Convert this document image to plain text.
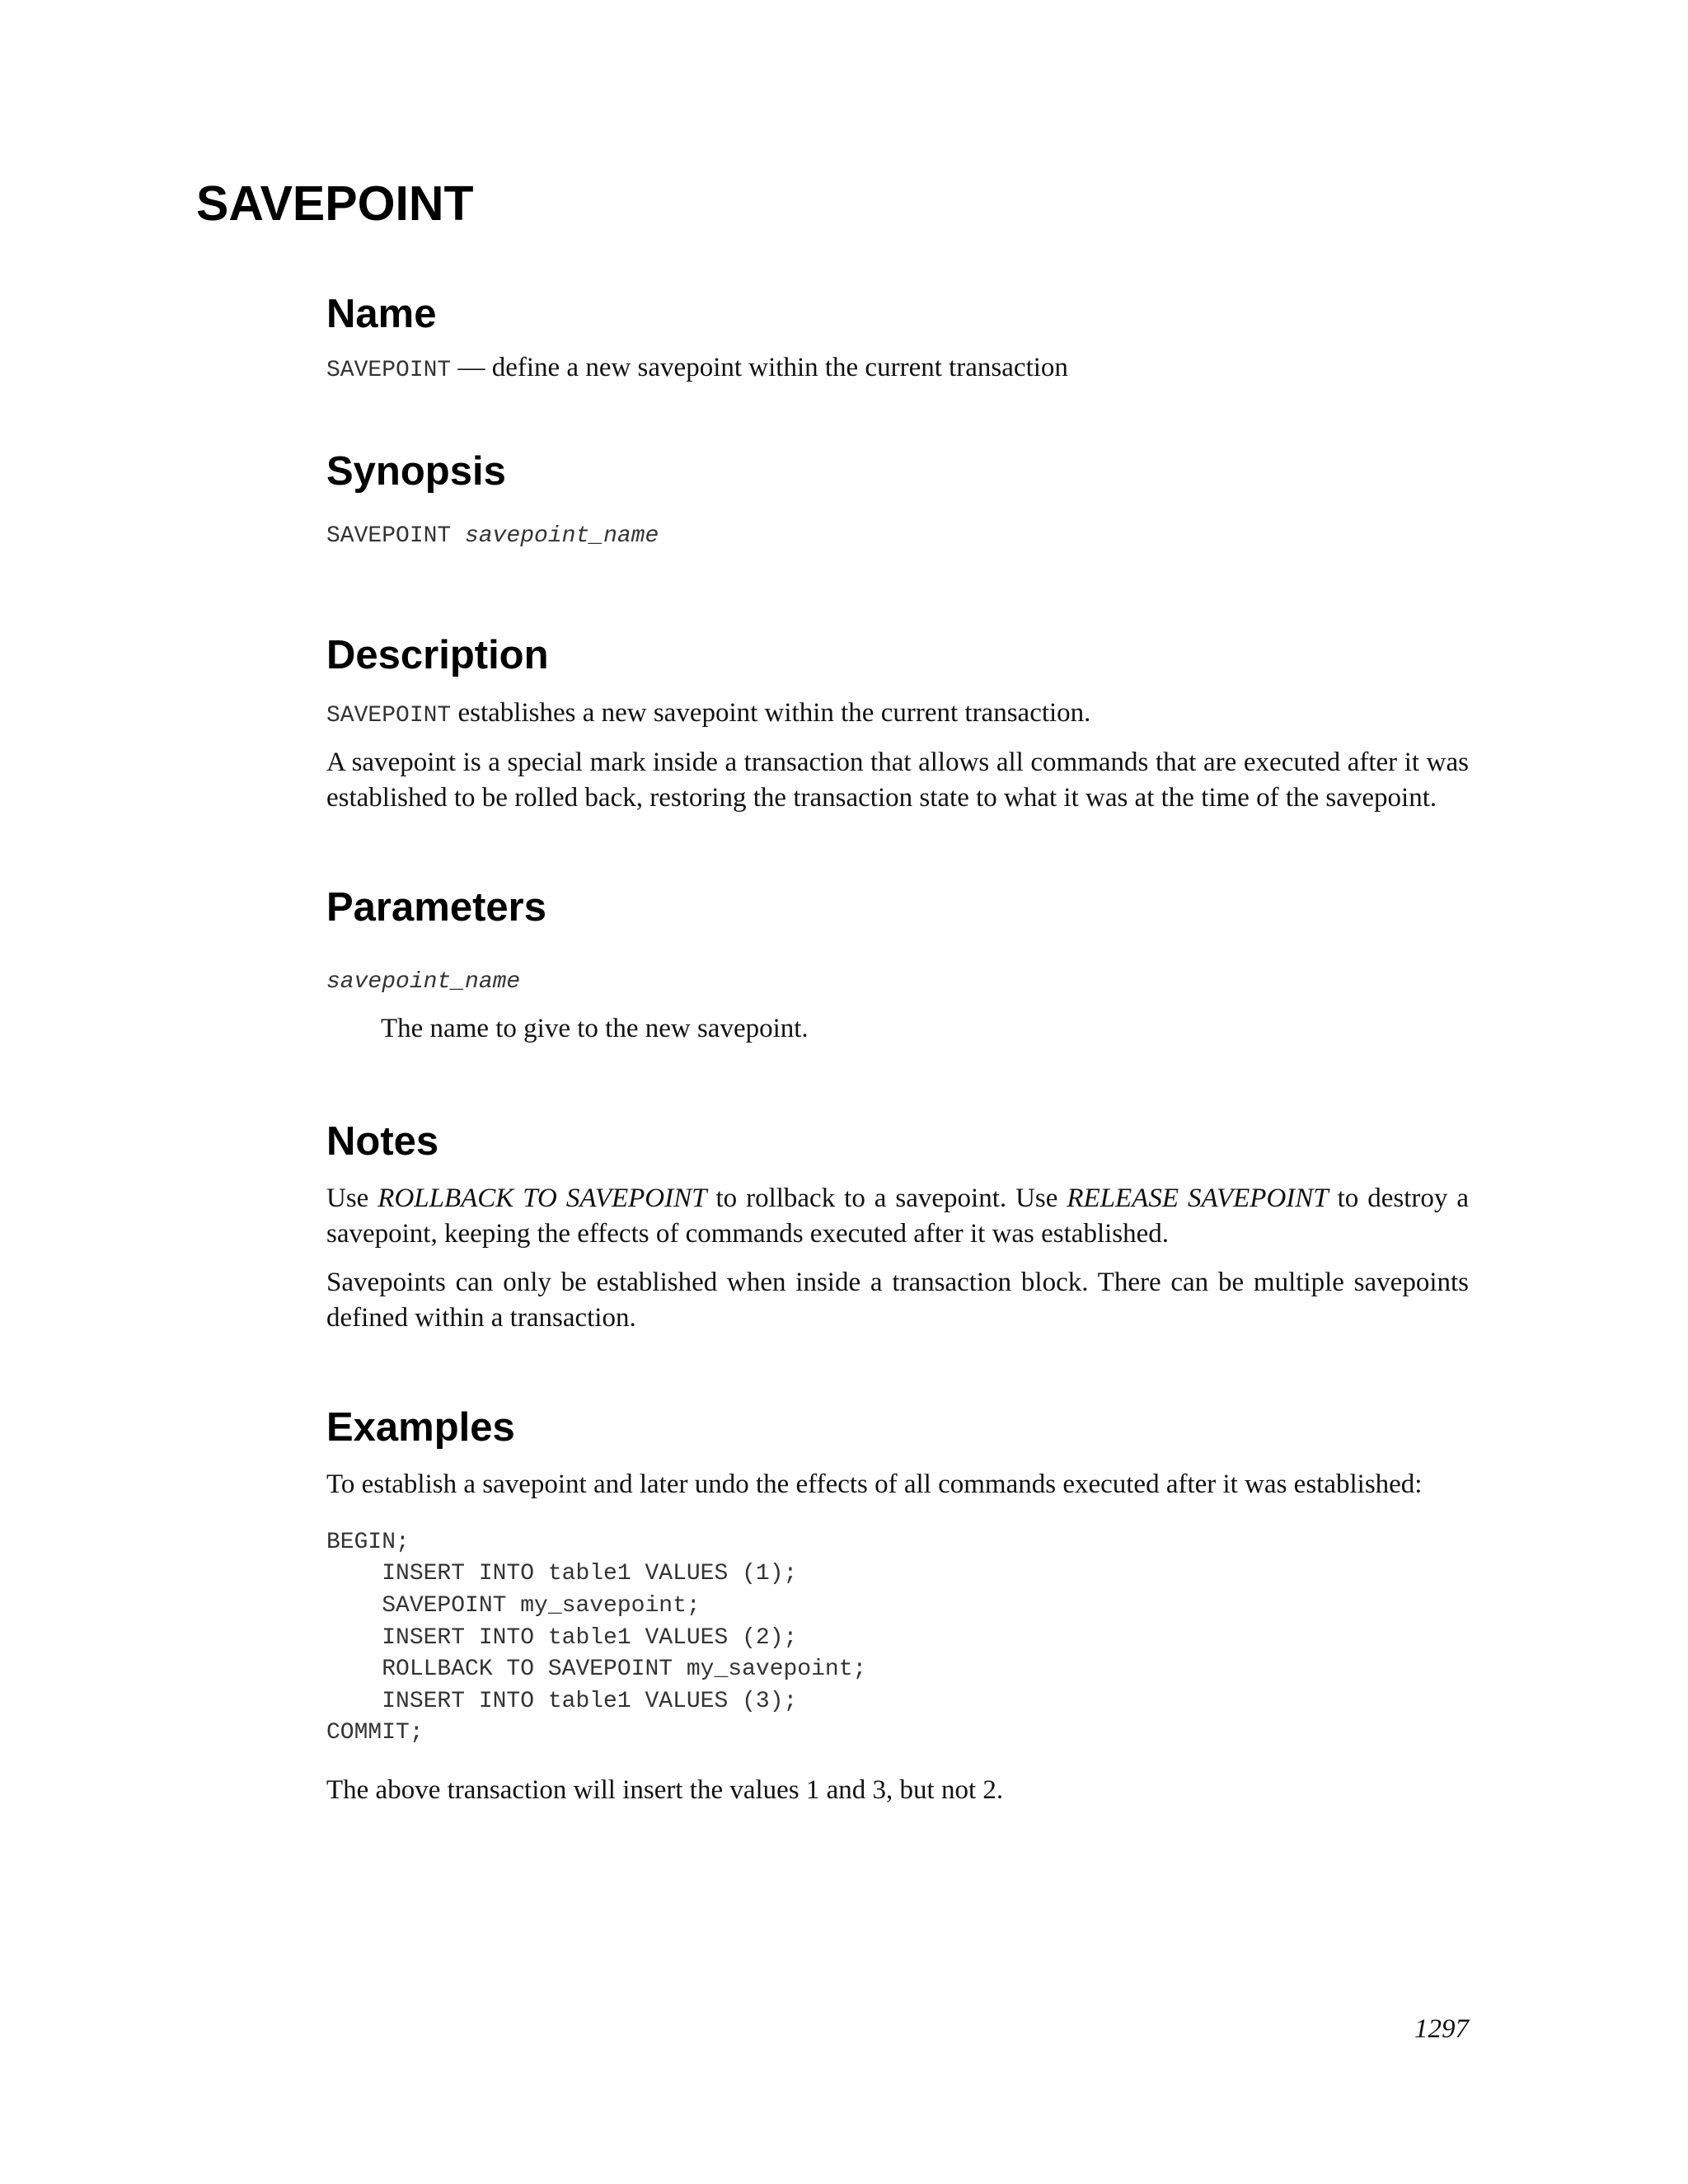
SAVEPOINT
Name

SAVEPOINT — define a new savepoint within the current transaction

Synopsis

SAVEPOINT savepoint_name

Description

SAVEPOINT establishes a new savepoint within the current transaction.

A savepoint is a special mark inside a transaction that allows all commands that are executed after it was established to be rolled back, restoring the transaction state to what it was at the time of the savepoint.

Parameters

savepoint_name

The name to give to the new savepoint.

Notes

Use ROLLBACK TO SAVEPOINT to rollback to a savepoint. Use RELEASE SAVEPOINT to destroy a savepoint, keeping the effects of commands executed after it was established.

Savepoints can only be established when inside a transaction block. There can be multiple savepoints defined within a transaction.

Examples

To establish a savepoint and later undo the effects of all commands executed after it was established:

BEGIN;
INSERT INTO table1 VALUES (1);
SAVEPOINT my_savepoint;
INSERT INTO table1 VALUES (2);
ROLLBACK TO SAVEPOINT my_savepoint;
INSERT INTO table1 VALUES (3);
COMMIT;

The above transaction will insert the values 1 and 3, but not 2.

1297
